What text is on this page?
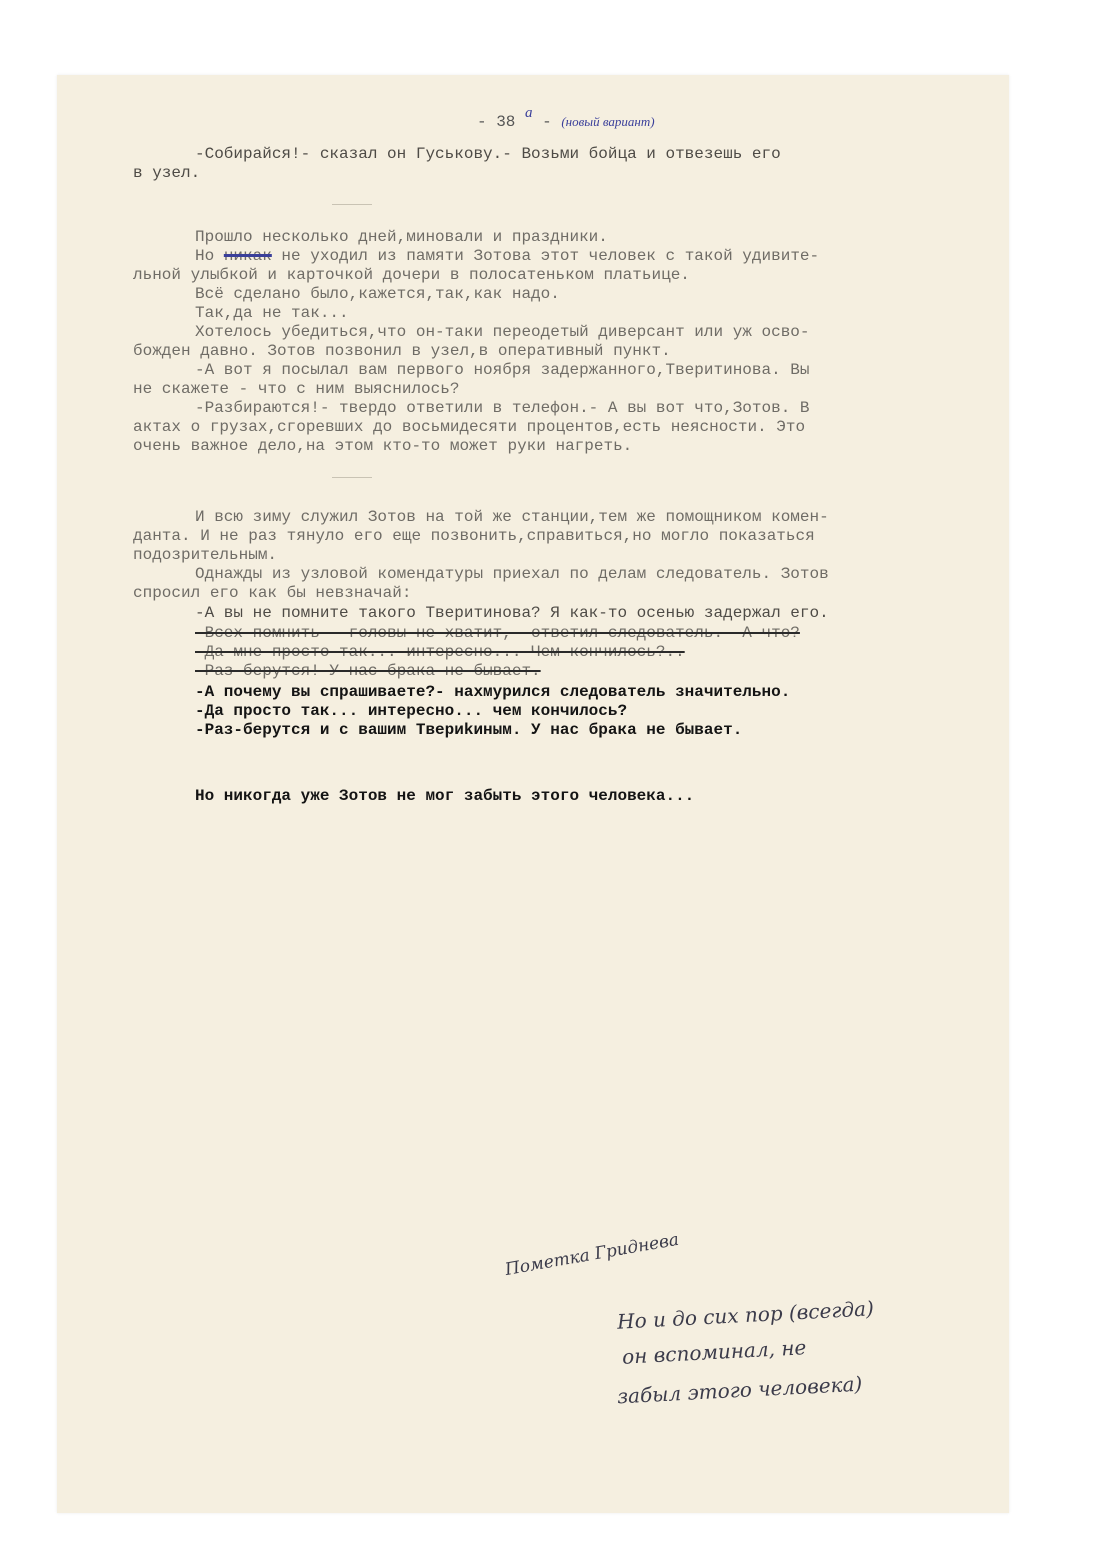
- 38 a - (новый вариант)

-Собирайся!- сказал он Гуськову.- Возьми бойца и отвезешь его

в узел.

Прошло несколько дней,миновали и праздники.

Но никак не уходил из памяти Зотова этот человек с такой удивите-

льной улыбкой и карточкой дочери в полосатеньком платьице.

Всё сделано было,кажется,так,как надо.

Так,да не так...

Хотелось убедиться,что он-таки переодетый диверсант или уж осво-

божден давно. Зотов позвонил в узел,в оперативный пункт.

-А вот я посылал вам первого ноября задержанного,Тверитинова. Вы

не скажете - что с ним выяснилось?

-Разбираются!- твердо ответили в телефон.- А вы вот что,Зотов. В

актах о грузах,сгоревших до восьмидесяти процентов,есть неясности. Это

очень важное дело,на этом кто-то может руки нагреть.

И всю зиму служил Зотов на той же станции,тем же помощником комен-

данта. И не раз тянуло его еще позвонить,справиться,но могло показаться

подозрительным.

Однажды из узловой комендатуры приехал по делам следователь. Зотов

спросил его как бы невзначай:

-А вы не помните такого Тверитинова? Я как-то осенью задержал его.

-Всех помнить - головы не хватит,- ответил следователь.- А что?

-Да мне просто так... интересно... Чем кончилось?..

-Раз-берутся! У нас брака не бывает.

-А почему вы спрашиваете?- нахмурился следователь значительно.

-Да просто так... интересно... чем кончилось?

-Раз-берутся и с вашим Твериkиным. У нас брака не бывает.

Но никогда уже Зотов не мог забыть этого человека...

Пометка Гриднева

Но и до сих пор (всегда)

он вспоминал, не

забыл этого человека)
